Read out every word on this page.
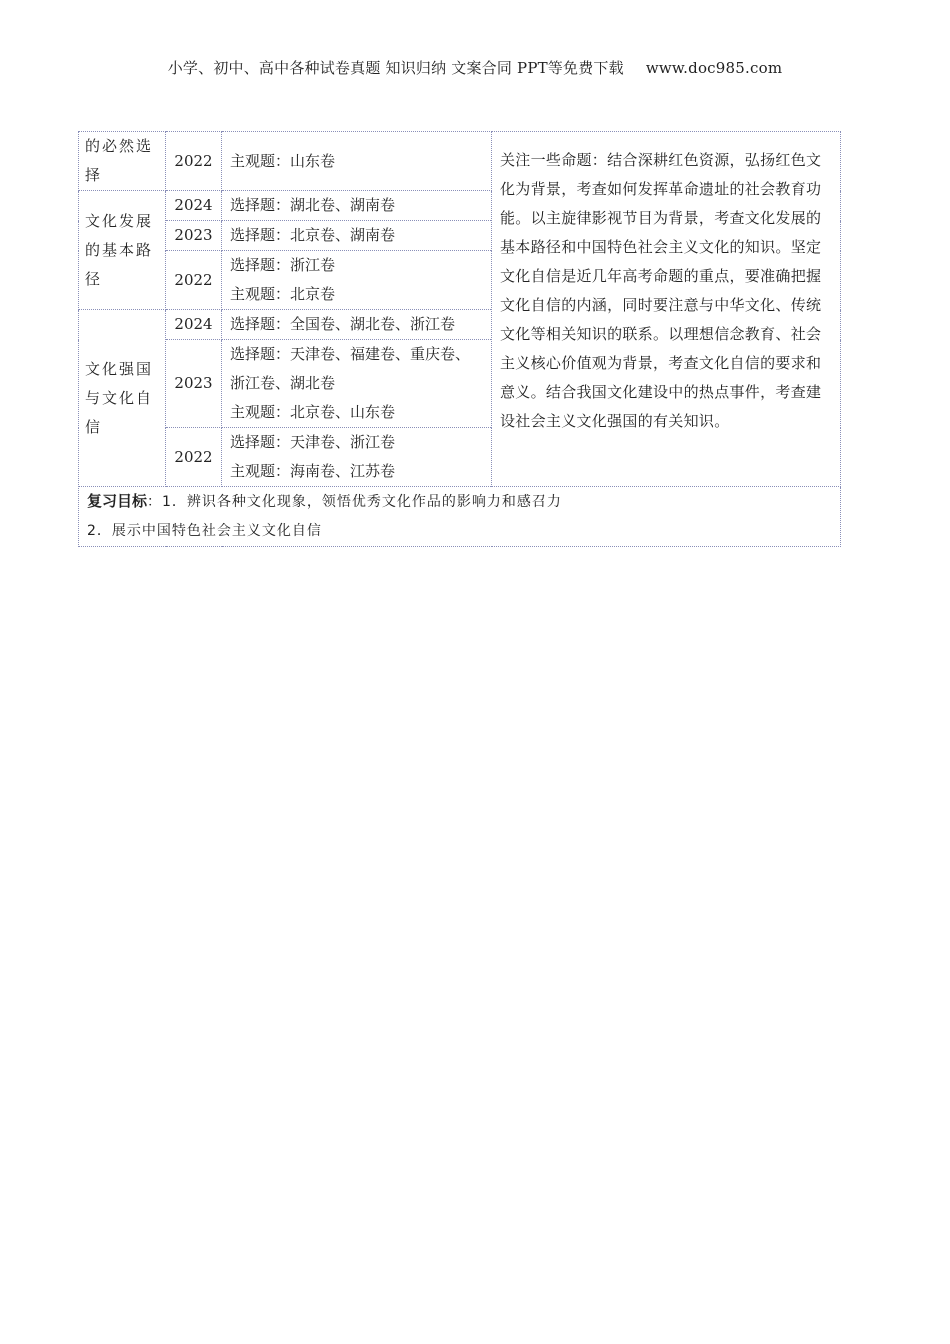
小学、初中、高中各种试卷真题 知识归纳 文案合同 PPT等免费下载 www.doc985.com
的必然选择	2022	主观题：山东卷	关注一些命题：结合深耕红色资源，弘扬红色文化为背景，考查如何发挥革命遗址的社会教育功能。以主旋律影视节目为背景，考查文化发展的基本路径和中国特色社会主义文化的知识。坚定文化自信是近几年高考命题的重点，要准确把握文化自信的内涵，同时要注意与中华文化、传统文化等相关知识的联系。以理想信念教育、社会主义核心价值观为背景，考查文化自信的要求和意义。结合我国文化建设中的热点事件，考查建设社会主义文化强国的有关知识。
文化发展的基本路径	2024	选择题：湖北卷、湖南卷	

	2023	选择题：北京卷、湖南卷	

	2022	选择题：浙江卷
主观题：北京卷	

文化强国与文化自信	2024	选择题：全国卷、湖北卷、浙江卷	

	2023	选择题：天津卷、福建卷、重庆卷、浙江卷、湖北卷
主观题：北京卷、山东卷	

	2022	选择题：天津卷、浙江卷
主观题：海南卷、江苏卷	

复习目标：1．辨识各种文化现象，领悟优秀文化作品的影响力和感召力
2．展示中国特色社会主义文化自信			
